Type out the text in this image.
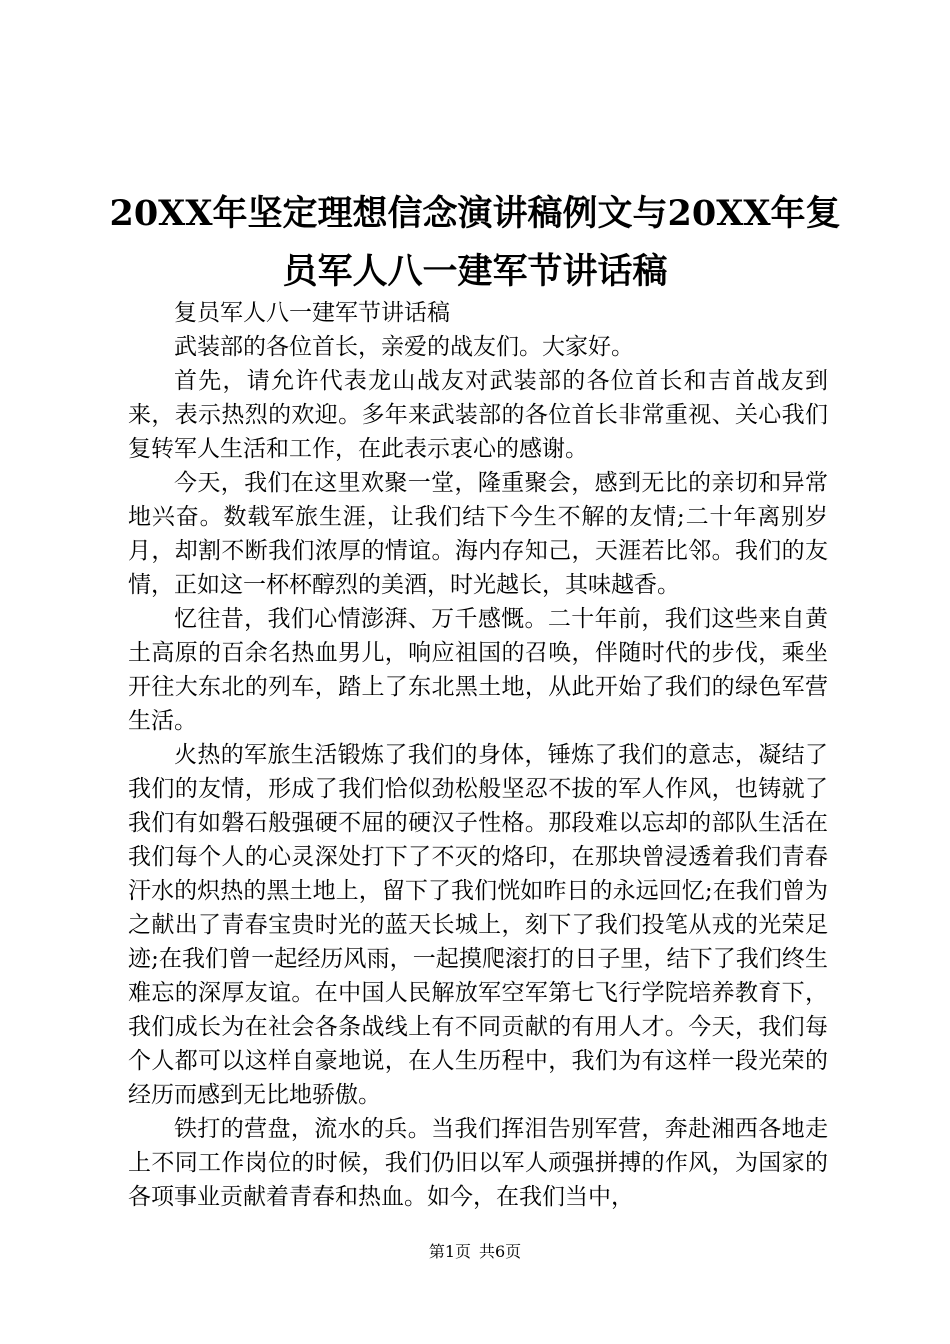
20XX年坚定理想信念演讲稿例文与20XX年复员军人八一建军节讲话稿

复员军人八一建军节讲话稿

武装部的各位首长，亲爱的战友们。大家好。

首先，请允许代表龙山战友对武装部的各位首长和吉首战友到来，表示热烈的欢迎。多年来武装部的各位首长非常重视、关心我们复转军人生活和工作，在此表示衷心的感谢。

今天，我们在这里欢聚一堂，隆重聚会，感到无比的亲切和异常地兴奋。数载军旅生涯，让我们结下今生不解的友情;二十年离别岁月，却割不断我们浓厚的情谊。海内存知己，天涯若比邻。我们的友情，正如这一杯杯醇烈的美酒，时光越长，其味越香。

忆往昔，我们心情澎湃、万千感慨。二十年前，我们这些来自黄土高原的百余名热血男儿，响应祖国的召唤，伴随时代的步伐，乘坐开往大东北的列车，踏上了东北黑土地，从此开始了我们的绿色军营生活。

火热的军旅生活锻炼了我们的身体，锤炼了我们的意志，凝结了我们的友情，形成了我们恰似劲松般坚忍不拔的军人作风，也铸就了我们有如磐石般强硬不屈的硬汉子性格。那段难以忘却的部队生活在我们每个人的心灵深处打下了不灭的烙印，在那块曾浸透着我们青春汗水的炽热的黑土地上，留下了我们恍如昨日的永远回忆;在我们曾为之献出了青春宝贵时光的蓝天长城上，刻下了我们投笔从戎的光荣足迹;在我们曾一起经历风雨，一起摸爬滚打的日子里，结下了我们终生难忘的深厚友谊。在中国人民解放军空军第七飞行学院培养教育下，我们成长为在社会各条战线上有不同贡献的有用人才。今天，我们每个人都可以这样自豪地说，在人生历程中，我们为有这样一段光荣的经历而感到无比地骄傲。

铁打的营盘，流水的兵。当我们挥泪告别军营，奔赴湘西各地走上不同工作岗位的时候，我们仍旧以军人顽强拼搏的作风，为国家的各项事业贡献着青春和热血。如今，在我们当中，

第1页 共6页
